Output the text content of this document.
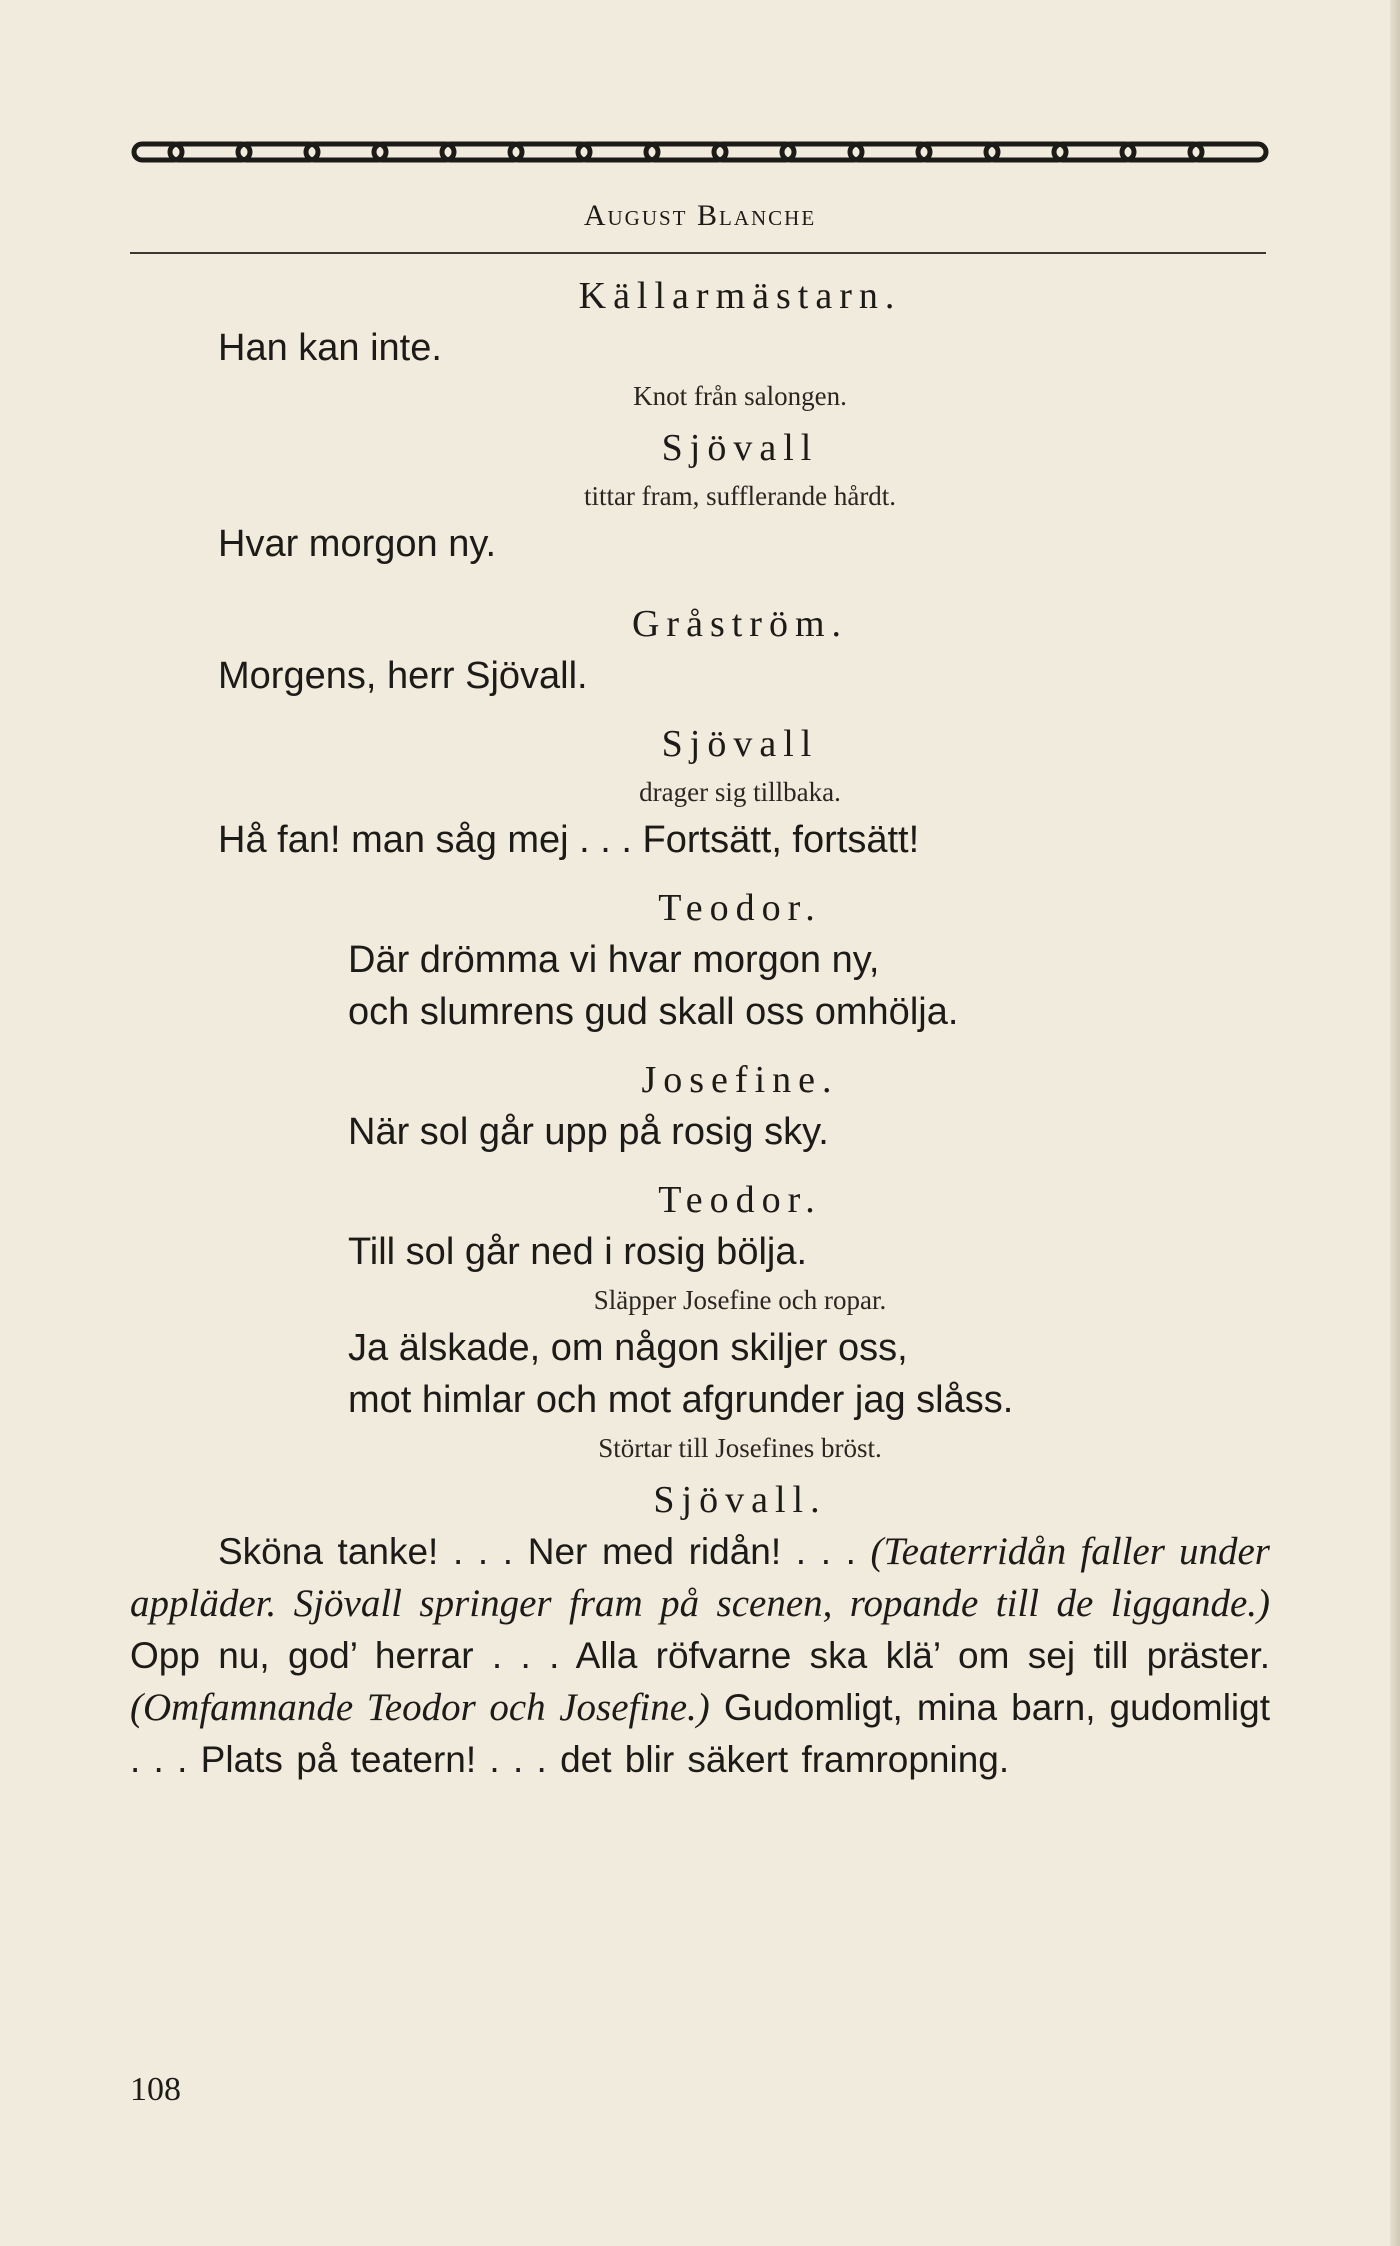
August Blanche
Källarmästarn.
Han kan inte.
Knot från salongen.
Sjövall
tittar fram, sufflerande hårdt.
Hvar morgon ny.
Gråström.
Morgens, herr Sjövall.
Sjövall
drager sig tillbaka.
Hå fan! man såg mej . . . Fortsätt, fortsätt!
Teodor.
Där drömma vi hvar morgon ny,
och slumrens gud skall oss omhölja.
Josefine.
När sol går upp på rosig sky.
Teodor.
Till sol går ned i rosig bölja.
Släpper Josefine och ropar.
Ja älskade, om någon skiljer oss,
mot himlar och mot afgrunder jag slåss.
Störtar till Josefines bröst.
Sjövall.
Sköna tanke! . . . Ner med ridån! . . . (Teaterridån faller under appläder. Sjövall springer fram på scenen, ropande till de liggande.) Opp nu, god’ herrar . . . Alla röfvarne ska klä’ om sej till präster. (Omfamnande Teodor och Josefine.) Gudomligt, mina barn, gudomligt . . . Plats på teatern! . . . det blir säkert framropning.
108
